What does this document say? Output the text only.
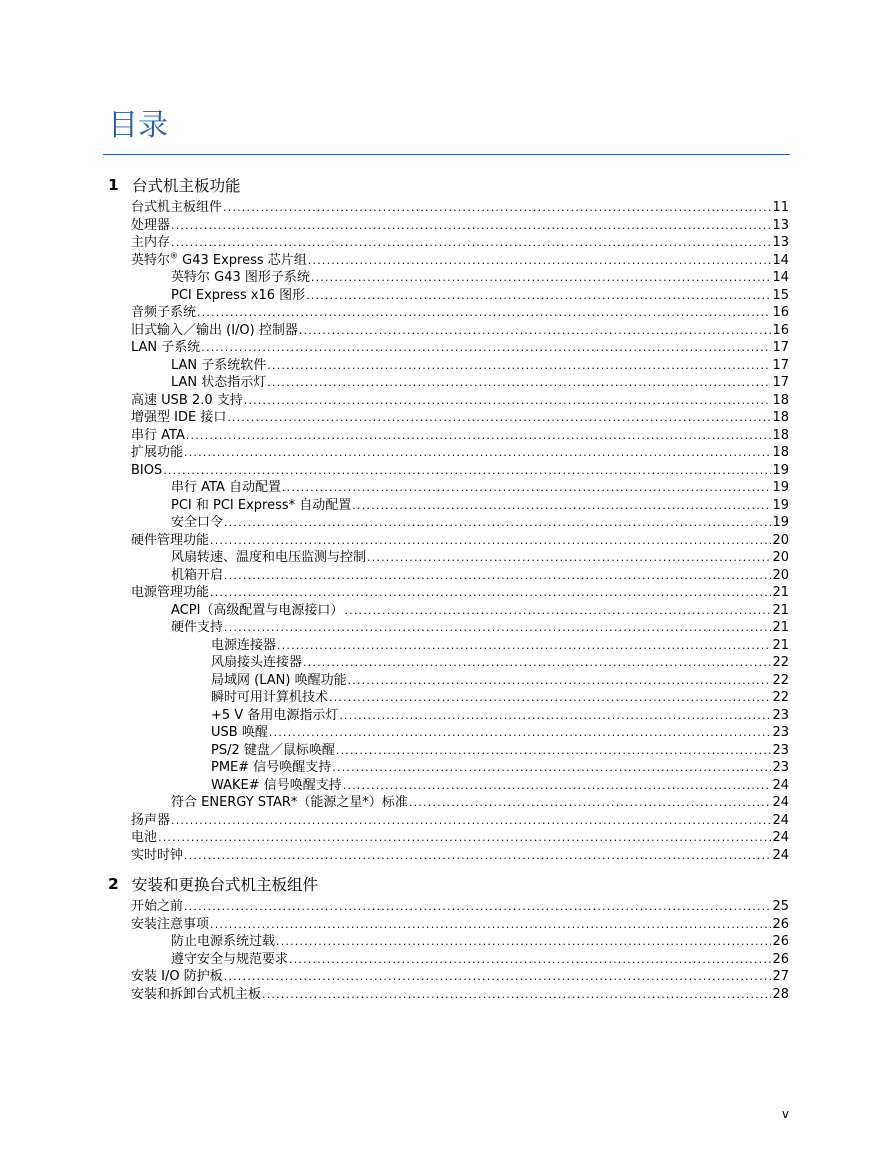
目录
1 台式机主板功能
台式机主板组件 .....	11
处理器 .....	13
主内存 .....	13
英特尔® G43 Express 芯片组 .....	14
英特尔 G43 图形子系统 .....	14
PCI Express x16 图形 .....	15
音频子系统 .....	16
旧式输入／输出 (I/O) 控制器 .....	16
LAN 子系统 .....	17
LAN 子系统软件 .....	17
LAN 状态指示灯 .....	17
高速 USB 2.0 支持 .....	18
增强型 IDE 接口 .....	18
串行 ATA .....	18
扩展功能 .....	18
BIOS .....	19
串行 ATA 自动配置 .....	19
PCI 和 PCI Express* 自动配置 .....	19
安全口令 .....	19
硬件管理功能 .....	20
风扇转速、温度和电压监测与控制 .....	20
机箱开启 .....	20
电源管理功能 .....	21
ACPI（高级配置与电源接口） .....	21
硬件支持 .....	21
电源连接器 .....	21
风扇接头连接器 .....	22
局域网 (LAN) 唤醒功能 .....	22
瞬时可用计算机技术 .....	22
+5 V 备用电源指示灯 .....	23
USB 唤醒 .....	23
PS/2 键盘／鼠标唤醒 .....	23
PME# 信号唤醒支持 .....	23
WAKE# 信号唤醒支持 .....	24
符合 ENERGY STAR*（能源之星*）标准 .....	24
扬声器 .....	24
电池 .....	24
实时时钟 .....	24
2 安装和更换台式机主板组件
开始之前 .....	25
安装注意事项 .....	26
防止电源系统过载 .....	26
遵守安全与规范要求 .....	26
安装 I/O 防护板 .....	27
安装和拆卸台式机主板 .....	28
v
